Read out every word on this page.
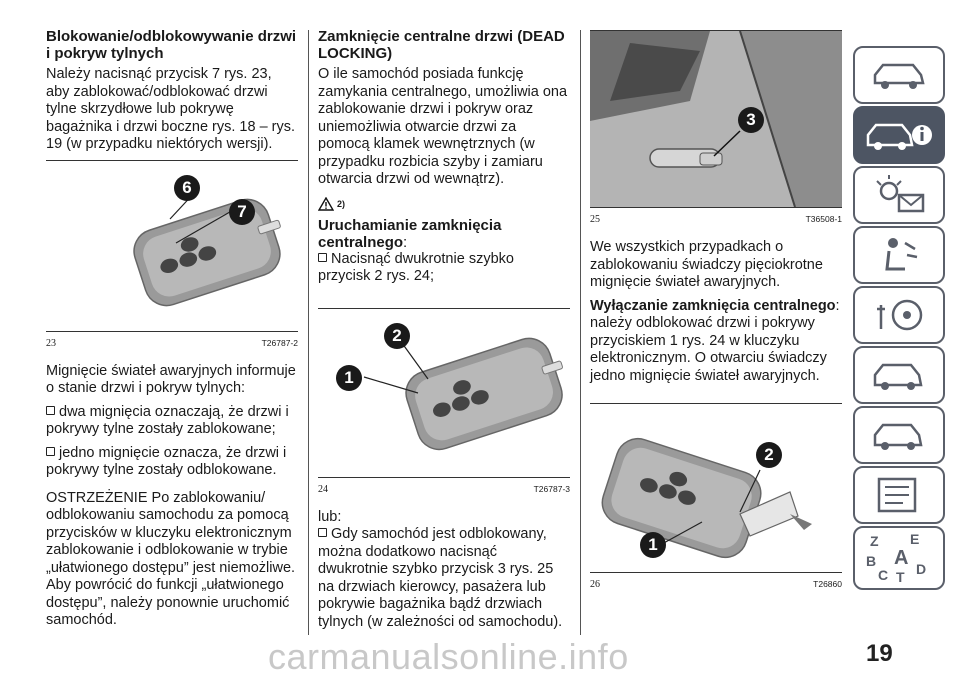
Blokowanie/odblokowywanie drzwi i pokryw tylnych

Należy nacisnąć przycisk 7 rys. 23, aby zablokować/odblokować drzwi tylne skrzydłowe lub pokrywę bagażnika i drzwi boczne rys. 18 – rys. 19 (w przypadku niektórych wersji).

6
7
23	T26787-2

Mignięcie świateł awaryjnych informuje o stanie drzwi i pokryw tylnych:

dwa mignięcia oznaczają, że drzwi i pokrywy tylne zostały zablokowane;

jedno mignięcie oznacza, że drzwi i pokrywy tylne zostały odblokowane.

OSTRZEŻENIE Po zablokowaniu/ odblokowaniu samochodu za pomocą przycisków w kluczyku elektronicznym zablokowanie i odblokowanie w trybie „ułatwionego dostępu” jest niemożliwe. Aby powrócić do funkcji „ułatwionego dostępu”, należy ponownie uruchomić samochód.

Zamknięcie centralne drzwi (DEAD LOCKING)

O ile samochód posiada funkcję zamykania centralnego, umożliwia ona zablokowanie drzwi i pokryw oraz uniemożliwia otwarcie drzwi za pomocą klamek wewnętrznych (w przypadku rozbicia szyby i zamiaru otwarcia drzwi od wewnątrz).

2)
Uruchamianie zamknięcia centralnego:

Nacisnąć dwukrotnie szybko przycisk 2 rys. 24;

2
1
24	T26787-3

lub:

Gdy samochód jest odblokowany, można dodatkowo nacisnąć dwukrotnie szybko przycisk 3 rys. 25 na drzwiach kierowcy, pasażera lub pokrywie bagażnika bądź drzwiach tylnych (w zależności od samochodu).

3
25	T36508-1

We wszystkich przypadkach o zablokowaniu świadczy pięciokrotne mignięcie świateł awaryjnych.

Wyłączanie zamknięcia centralnego: należy odblokować drzwi i pokrywy przyciskiem 1 rys. 24 w kluczyku elektronicznym. O otwarciu świadczy jedno mignięcie świateł awaryjnych.

2
1
26	T26860
Z E
B A
C T D
19
carmanualsonline.info
